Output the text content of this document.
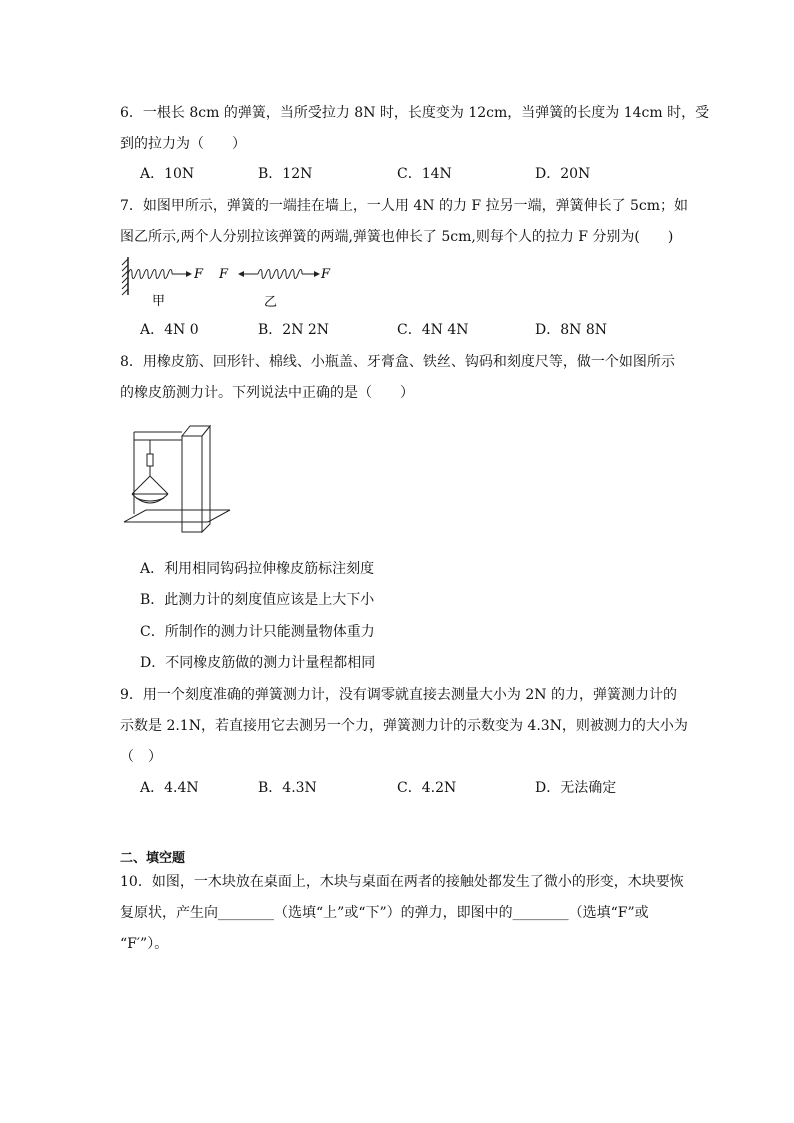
6．一根长 8cm 的弹簧，当所受拉力 8N 时，长度变为 12cm，当弹簧的长度为 14cm 时，受
到的拉力为（　　）
A．10N	B．12N	C．14N	D．20N
7．如图甲所示，弹簧的一端挂在墙上，一人用 4N 的力 F 拉另一端，弹簧伸长了 5cm；如
图乙所示,两个人分别拉该弹簧的两端,弹簧也伸长了 5cm,则每个人的拉力 F 分别为(　　)
F
甲
F	F
乙
A．4N 0	B．2N 2N	C．4N 4N	D．8N 8N
8．用橡皮筋、回形针、棉线、小瓶盖、牙膏盒、铁丝、钩码和刻度尺等，做一个如图所示
的橡皮筋测力计。下列说法中正确的是（　　）
A．利用相同钩码拉伸橡皮筋标注刻度
B．此测力计的刻度值应该是上大下小
C．所制作的测力计只能测量物体重力
D．不同橡皮筋做的测力计量程都相同
9．用一个刻度准确的弹簧测力计，没有调零就直接去测量大小为 2N 的力，弹簧测力计的
示数是 2.1N，若直接用它去测另一个力，弹簧测力计的示数变为 4.3N，则被测力的大小为
（　）
A．4.4N	B．4.3N	C．4.2N	D．无法确定
二、填空题
10．如图，一木块放在桌面上，木块与桌面在两者的接触处都发生了微小的形变，木块要恢
复原状，产生向________（选填“上”或“下”）的弹力，即图中的________（选填“F”或
“F′”）。
